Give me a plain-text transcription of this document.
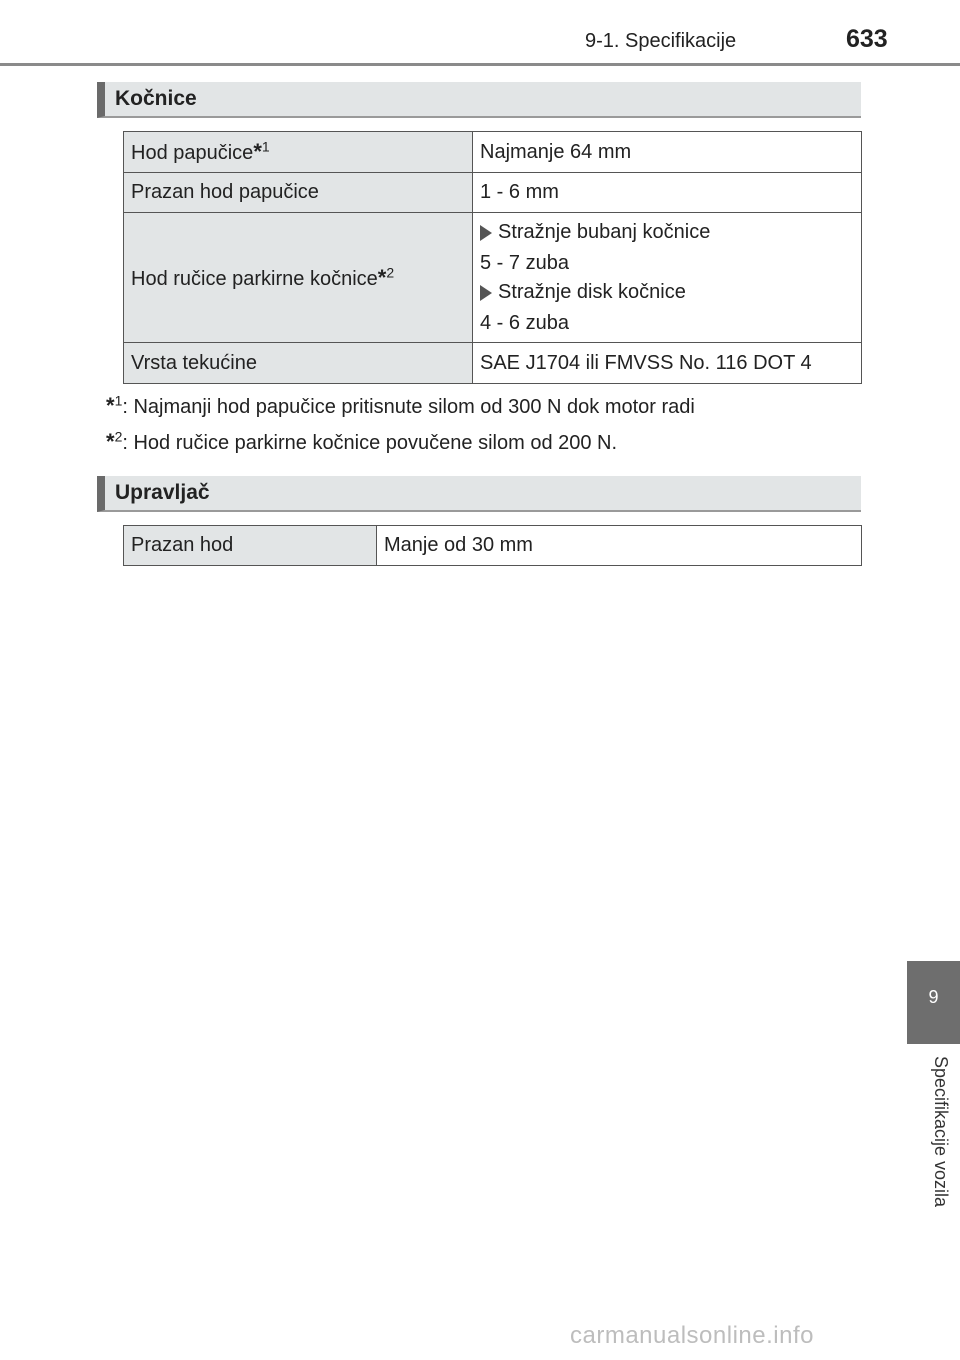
9-1. Specifikacije	633
Kočnice
Hod papučice*$^1$	Najmanje 64 mm
Prazan hod papučice	1 - 6 mm
Hod ručice parkirne kočnice*$^2$	Stražnje bubanj kočnice
5 - 7 zuba
Stražnje disk kočnice
4 - 6 zuba

Vrsta tekućine	SAE J1704 ili FMVSS No. 116 DOT 4
*$^1$: Najmanji hod papučice pritisnute silom od 300 N dok motor radi
*$^2$: Hod ručice parkirne kočnice povučene silom od 200 N.
Upravljač
Prazan hod	Manje od 30 mm
9
Specifikacije vozila
carmanualsonline.info
